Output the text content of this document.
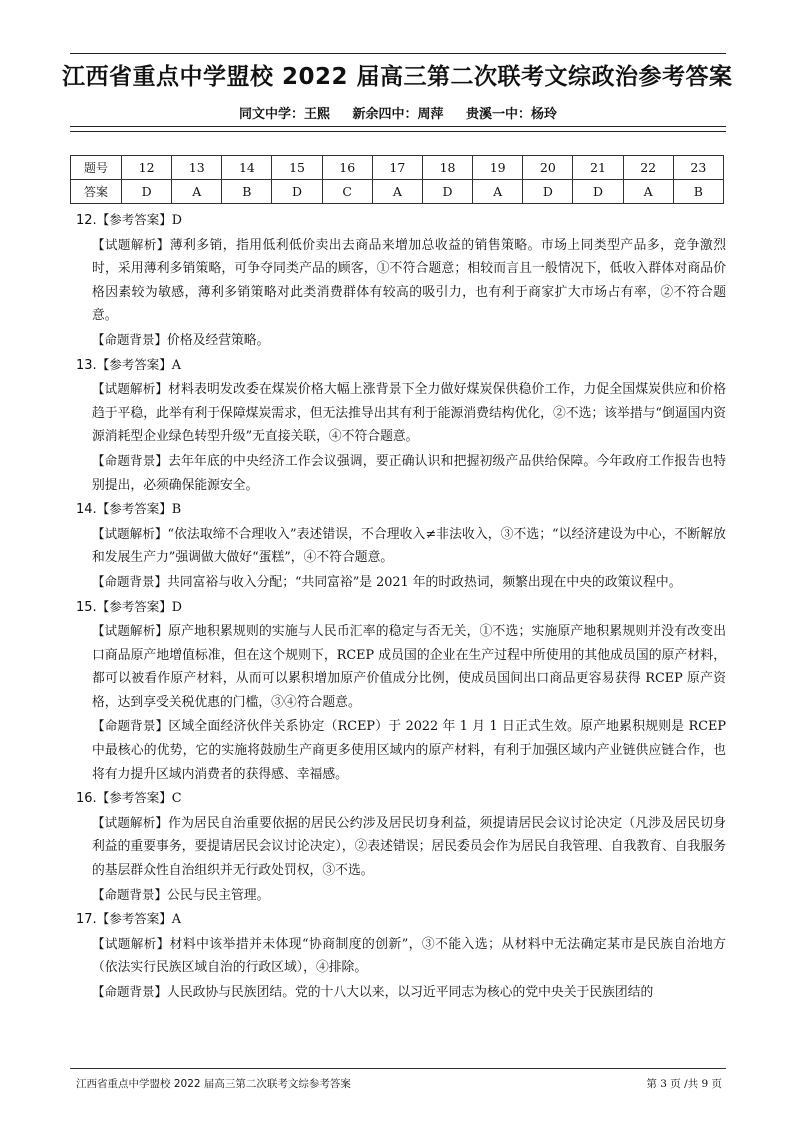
江西省重点中学盟校 2022 届高三第二次联考文综政治参考答案
同文中学：王熙 新余四中：周萍 贵溪一中：杨玲
题号	12	13	14	15	16	17	18	19	20	21	22	23
答案	D	A	B	D	C	A	D	A	D	D	A	B
12.【参考答案】D
【试题解析】薄利多销，指用低利低价卖出去商品来增加总收益的销售策略。市场上同类型产品多，竞争激烈时，采用薄利多销策略，可争夺同类产品的顾客，①不符合题意；相较而言且一般情况下，低收入群体对商品价格因素较为敏感，薄利多销策略对此类消费群体有较高的吸引力，也有利于商家扩大市场占有率，②不符合题意。
【命题背景】价格及经营策略。
13.【参考答案】A
【试题解析】材料表明发改委在煤炭价格大幅上涨背景下全力做好煤炭保供稳价工作，力促全国煤炭供应和价格趋于平稳，此举有利于保障煤炭需求，但无法推导出其有利于能源消费结构优化，②不选；该举措与“倒逼国内资源消耗型企业绿色转型升级”无直接关联，④不符合题意。
【命题背景】去年年底的中央经济工作会议强调，要正确认识和把握初级产品供给保障。今年政府工作报告也特别提出，必须确保能源安全。
14.【参考答案】B
【试题解析】“依法取缔不合理收入”表述错误，不合理收入≠非法收入，③不选；“以经济建设为中心，不断解放和发展生产力”强调做大做好“蛋糕”，④不符合题意。
【命题背景】共同富裕与收入分配；“共同富裕”是 2021 年的时政热词，频繁出现在中央的政策议程中。
15.【参考答案】D
【试题解析】原产地积累规则的实施与人民币汇率的稳定与否无关，①不选；实施原产地积累规则并没有改变出口商品原产地增值标准，但在这个规则下，RCEP 成员国的企业在生产过程中所使用的其他成员国的原产材料，都可以被看作原产材料，从而可以累积增加原产价值成分比例，使成员国间出口商品更容易获得 RCEP 原产资格，达到享受关税优惠的门槛，③④符合题意。
【命题背景】区域全面经济伙伴关系协定（RCEP）于 2022 年 1 月 1 日正式生效。原产地累积规则是 RCEP 中最核心的优势，它的实施将鼓励生产商更多使用区域内的原产材料，有利于加强区域内产业链供应链合作，也将有力提升区域内消费者的获得感、幸福感。
16.【参考答案】C
【试题解析】作为居民自治重要依据的居民公约涉及居民切身利益，须提请居民会议讨论决定（凡涉及居民切身利益的重要事务，要提请居民会议讨论决定），②表述错误；居民委员会作为居民自我管理、自我教育、自我服务的基层群众性自治组织并无行政处罚权，③不选。
【命题背景】公民与民主管理。
17.【参考答案】A
【试题解析】材料中该举措并未体现“协商制度的创新”，③不能入选；从材料中无法确定某市是民族自治地方（依法实行民族区域自治的行政区域），④排除。
【命题背景】人民政协与民族团结。党的十八大以来，以习近平同志为核心的党中央关于民族团结的
江西省重点中学盟校 2022 届高三第二次联考文综参考答案	第 3 页 /共 9 页
